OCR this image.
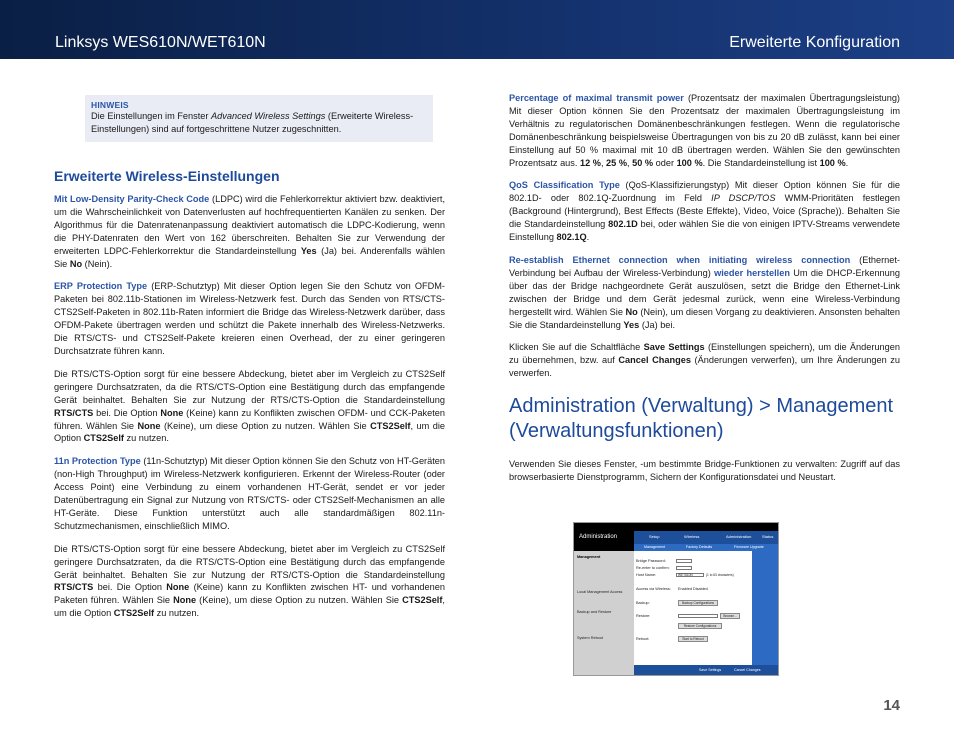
Linksys WES610N/WET610N	Erweiterte Konfiguration
HINWEIS
Die Einstellungen im Fenster Advanced Wireless Settings (Erweiterte Wireless-Einstellungen) sind auf fortgeschrittene Nutzer zugeschnitten.
Erweiterte Wireless-Einstellungen

Mit Low-Density Parity-Check Code (LDPC) wird die Fehlerkorrektur aktiviert bzw. deaktiviert, um die Wahrscheinlichkeit von Datenverlusten auf hochfrequentierten Kanälen zu senken. Der Algorithmus für die Datenratenanpassung deaktiviert automatisch die LDPC-Kodierung, wenn die PHY-Datenraten den Wert von 162 überschreiten. Behalten Sie zur Verwendung der erweiterten LDPC-Fehlerkorrektur die Standardeinstellung Yes (Ja) bei. Anderenfalls wählen Sie No (Nein).

ERP Protection Type (ERP-Schutztyp) Mit dieser Option legen Sie den Schutz von OFDM-Paketen bei 802.11b-Stationen im Wireless-Netzwerk fest. Durch das Senden von RTS/CTS- CTS2Self-Paketen in 802.11b-Raten informiert die Bridge das Wireless-Netzwerk darüber, dass OFDM-Pakete übertragen werden und schützt die Pakete innerhalb des Wireless-Netzwerks. Die RTS/CTS- und CTS2Self-Pakete kreieren einen Overhead, der zu einer geringeren Durchsatzrate führen kann.

Die RTS/CTS-Option sorgt für eine bessere Abdeckung, bietet aber im Vergleich zu CTS2Self geringere Durchsatzraten, da die RTS/CTS-Option eine Bestätigung durch das empfangende Gerät beinhaltet. Behalten Sie zur Nutzung der RTS/CTS-Option die Standardeinstellung RTS/CTS bei. Die Option None (Keine) kann zu Konflikten zwischen OFDM- und CCK-Paketen führen. Wählen Sie None (Keine), um diese Option zu nutzen. Wählen Sie CTS2Self, um die Option CTS2Self zu nutzen.

11n Protection Type (11n-Schutztyp) Mit dieser Option können Sie den Schutz von HT-Geräten (non-High Throughput) im Wireless-Netzwerk konfigurieren. Erkennt der Wireless-Router (oder Access Point) eine Verbindung zu einem vorhandenen HT-Gerät, sendet er vor jeder Datenübertragung ein Signal zur Nutzung von RTS/CTS- oder CTS2Self-Mechanismen an alle HT-Geräte. Diese Funktion unterstützt auch alle standardmäßigen 802.11n-Schutzmechanismen, einschließlich MIMO.

Die RTS/CTS-Option sorgt für eine bessere Abdeckung, bietet aber im Vergleich zu CTS2Self geringere Durchsatzraten, da die RTS/CTS-Option eine Bestätigung durch das empfangende Gerät beinhaltet. Behalten Sie zur Nutzung der RTS/CTS-Option die Standardeinstellung RTS/CTS bei. Die Option None (Keine) kann zu Konflikten zwischen HT- und vorhandenen Paketen führen. Wählen Sie None (Keine), um diese Option zu nutzen. Wählen Sie CTS2Self, um die Option CTS2Self zu nutzen.

Percentage of maximal transmit power (Prozentsatz der maximalen Übertragungsleistung) Mit dieser Option können Sie den Prozentsatz der maximalen Übertragungsleistung im Verhältnis zu regulatorischen Domänenbeschränkungen festlegen. Wenn die regulatorische Domänenbeschränkung beispielsweise Übertragungen von bis zu 20 dB zulässt, kann bei einer Einstellung auf 50 % maximal mit 10 dB übertragen werden. Wählen Sie den gewünschten Prozentsatz aus. 12 %, 25 %, 50 % oder 100 %. Die Standardeinstellung ist 100 %.

QoS Classification Type (QoS-Klassifizierungstyp) Mit dieser Option können Sie für die 802.1D- oder 802.1Q-Zuordnung im Feld IP DSCP/TOS WMM-Prioritäten festlegen (Background (Hintergrund), Best Effects (Beste Effekte), Video, Voice (Sprache)). Behalten Sie die Standardeinstellung 802.1D bei, oder wählen Sie die von einigen IPTV-Streams verwendete Einstellung 802.1Q.

Re-establish Ethernet connection when initiating wireless connection (Ethernet-Verbindung bei Aufbau der Wireless-Verbindung) wieder herstellen Um die DHCP-Erkennung über das der Bridge nachgeordnete Gerät auszulösen, setzt die Bridge den Ethernet-Link zwischen der Bridge und dem Gerät jedesmal zurück, wenn eine Wireless-Verbindung hergestellt wird. Wählen Sie No (Nein), um diesen Vorgang zu deaktivieren. Ansonsten behalten Sie die Standardeinstellung Yes (Ja) bei.

Klicken Sie auf die Schaltfläche Save Settings (Einstellungen speichern), um die Änderungen zu übernehmen, bzw. auf Cancel Changes (Änderungen verwerfen), um Ihre Änderungen zu verwerfen.

Administration (Verwaltung) > Management (Verwaltungsfunktionen)

Verwenden Sie dieses Fenster, -um bestimmte Bridge-Funktionen zu verwalten: Zugriff auf das browserbasierte Dienstprogramm, Sichern der Konfigurationsdatei und Neustart.

Administration	Setup	Wireless	Administration	Status
Management	Factory Defaults	Firmware Upgrade
Management
Local Management Access
Backup and Restore
System Reboot
Bridge Password:
Re-enter to confirm:
Host Name:	WET610N	(1 to 63 characters)
Access via Wireless: Enabled Disabled
Backup:	Backup Configurations
Restore:	Browse...
Restore Configurations
Reboot:	Start to Reboot
Save Settings	Cancel Changes
14
